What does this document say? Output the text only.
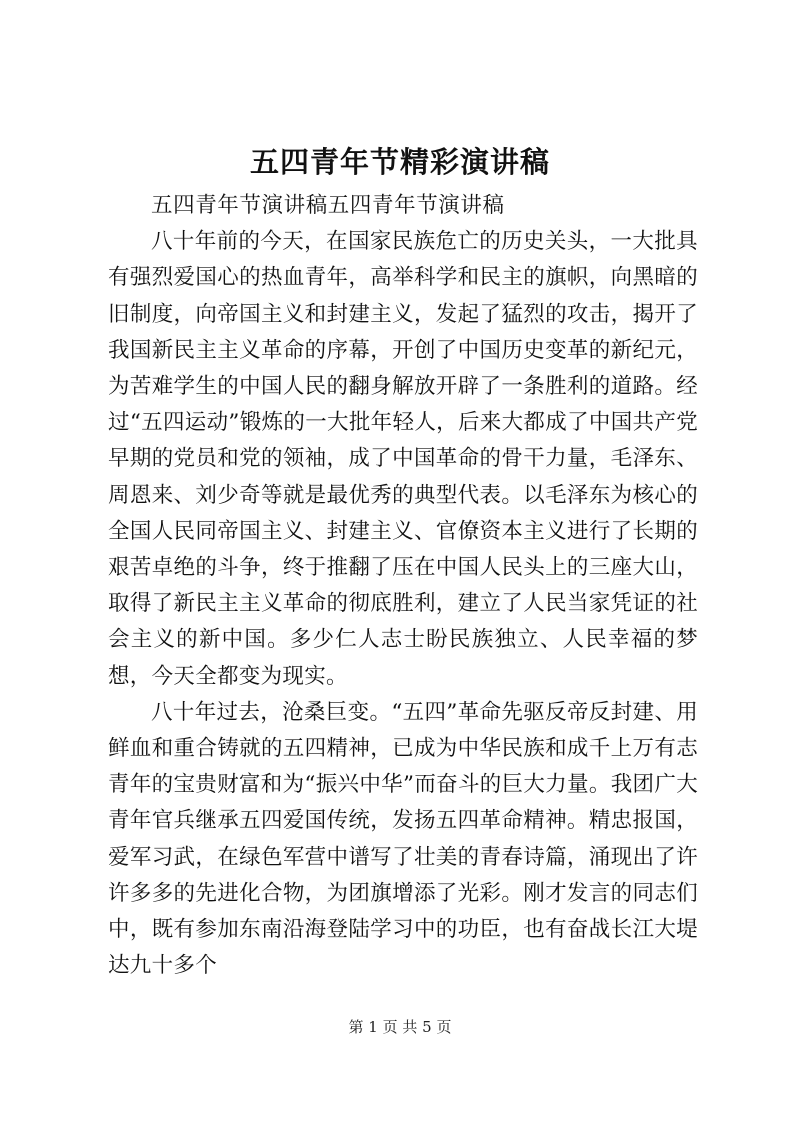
五四青年节精彩演讲稿

五四青年节演讲稿五四青年节演讲稿

八十年前的今天，在国家民族危亡的历史关头，一大批具有强烈爱国心的热血青年，高举科学和民主的旗帜，向黑暗的旧制度，向帝国主义和封建主义，发起了猛烈的攻击，揭开了我国新民主主义革命的序幕，开创了中国历史变革的新纪元，为苦难学生的中国人民的翻身解放开辟了一条胜利的道路。经过“五四运动”锻炼的一大批年轻人，后来大都成了中国共产党早期的党员和党的领袖，成了中国革命的骨干力量，毛泽东、周恩来、刘少奇等就是最优秀的典型代表。以毛泽东为核心的全国人民同帝国主义、封建主义、官僚资本主义进行了长期的艰苦卓绝的斗争，终于推翻了压在中国人民头上的三座大山，取得了新民主主义革命的彻底胜利，建立了人民当家凭证的社会主义的新中国。多少仁人志士盼民族独立、人民幸福的梦想，今天全都变为现实。

八十年过去，沧桑巨变。“五四”革命先驱反帝反封建、用鲜血和重合铸就的五四精神，已成为中华民族和成千上万有志青年的宝贵财富和为“振兴中华”而奋斗的巨大力量。我团广大青年官兵继承五四爱国传统，发扬五四革命精神。精忠报国，爱军习武，在绿色军营中谱写了壮美的青春诗篇，涌现出了许许多多的先进化合物，为团旗增添了光彩。刚才发言的同志们中，既有参加东南沿海登陆学习中的功臣，也有奋战长江大堤达九十多个

第 1 页 共 5 页
